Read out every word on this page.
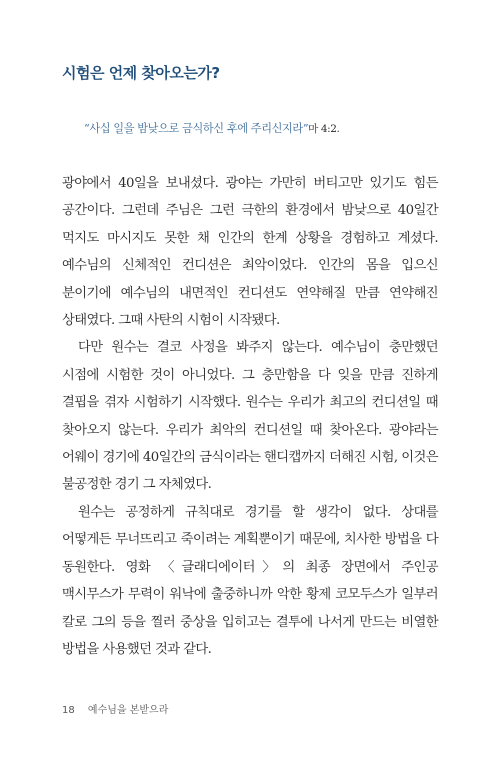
시험은 언제 찾아오는가?
“사십 일을 밤낮으로 금식하신 후에 주리신지라”마 4:2.

광야에서 40일을 보내셨다. 광야는 가만히 버티고만 있기도 힘든 공간이다. 그런데 주님은 그런 극한의 환경에서 밤낮으로 40일간 먹지도 마시지도 못한 채 인간의 한계 상황을 경험하고 계셨다. 예수님의 신체적인 컨디션은 최악이었다. 인간의 몸을 입으신 분이기에 예수님의 내면적인 컨디션도 연약해질 만큼 연약해진 상태였다. 그때 사탄의 시험이 시작됐다.

다만 원수는 결코 사정을 봐주지 않는다. 예수님이 충만했던 시점에 시험한 것이 아니었다. 그 충만함을 다 잊을 만큼 진하게 결핍을 겪자 시험하기 시작했다. 원수는 우리가 최고의 컨디션일 때 찾아오지 않는다. 우리가 최악의 컨디션일 때 찾아온다. 광야라는 어웨이 경기에 40일간의 금식이라는 핸디캡까지 더해진 시험, 이것은 불공정한 경기 그 자체였다.

원수는 공정하게 규칙대로 경기를 할 생각이 없다. 상대를 어떻게든 무너뜨리고 죽이려는 계획뿐이기 때문에, 치사한 방법을 다 동원한다. 영화 〈글래디에이터〉의 최종 장면에서 주인공 맥시무스가 무력이 워낙에 출중하니까 악한 황제 코모두스가 일부러 칼로 그의 등을 찔러 중상을 입히고는 결투에 나서게 만드는 비열한 방법을 사용했던 것과 같다.

18 예수님을 본받으라
